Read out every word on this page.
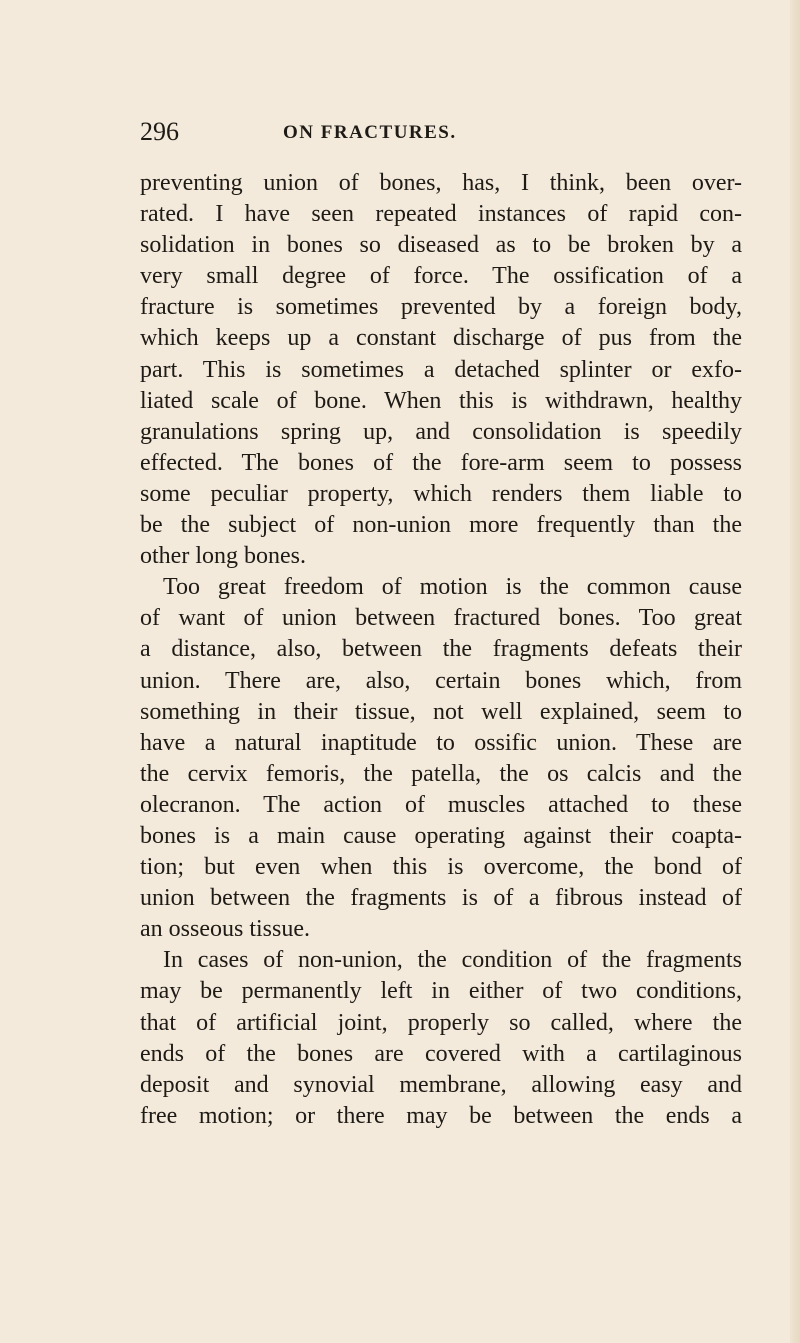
296	ON FRACTURES.
preventing union of bones, has, I think, been over-
rated. I have seen repeated instances of rapid con-
solidation in bones so diseased as to be broken by a
very small degree of force. The ossification of a
fracture is sometimes prevented by a foreign body,
which keeps up a constant discharge of pus from the
part. This is sometimes a detached splinter or exfo-
liated scale of bone. When this is withdrawn, healthy
granulations spring up, and consolidation is speedily
effected. The bones of the fore-arm seem to possess
some peculiar property, which renders them liable to
be the subject of non-union more frequently than the
other long bones.
Too great freedom of motion is the common cause
of want of union between fractured bones. Too great
a distance, also, between the fragments defeats their
union. There are, also, certain bones which, from
something in their tissue, not well explained, seem to
have a natural inaptitude to ossific union. These are
the cervix femoris, the patella, the os calcis and the
olecranon. The action of muscles attached to these
bones is a main cause operating against their coapta-
tion; but even when this is overcome, the bond of
union between the fragments is of a fibrous instead of
an osseous tissue.
In cases of non-union, the condition of the fragments
may be permanently left in either of two conditions,
that of artificial joint, properly so called, where the
ends of the bones are covered with a cartilaginous
deposit and synovial membrane, allowing easy and
free motion; or there may be between the ends a
